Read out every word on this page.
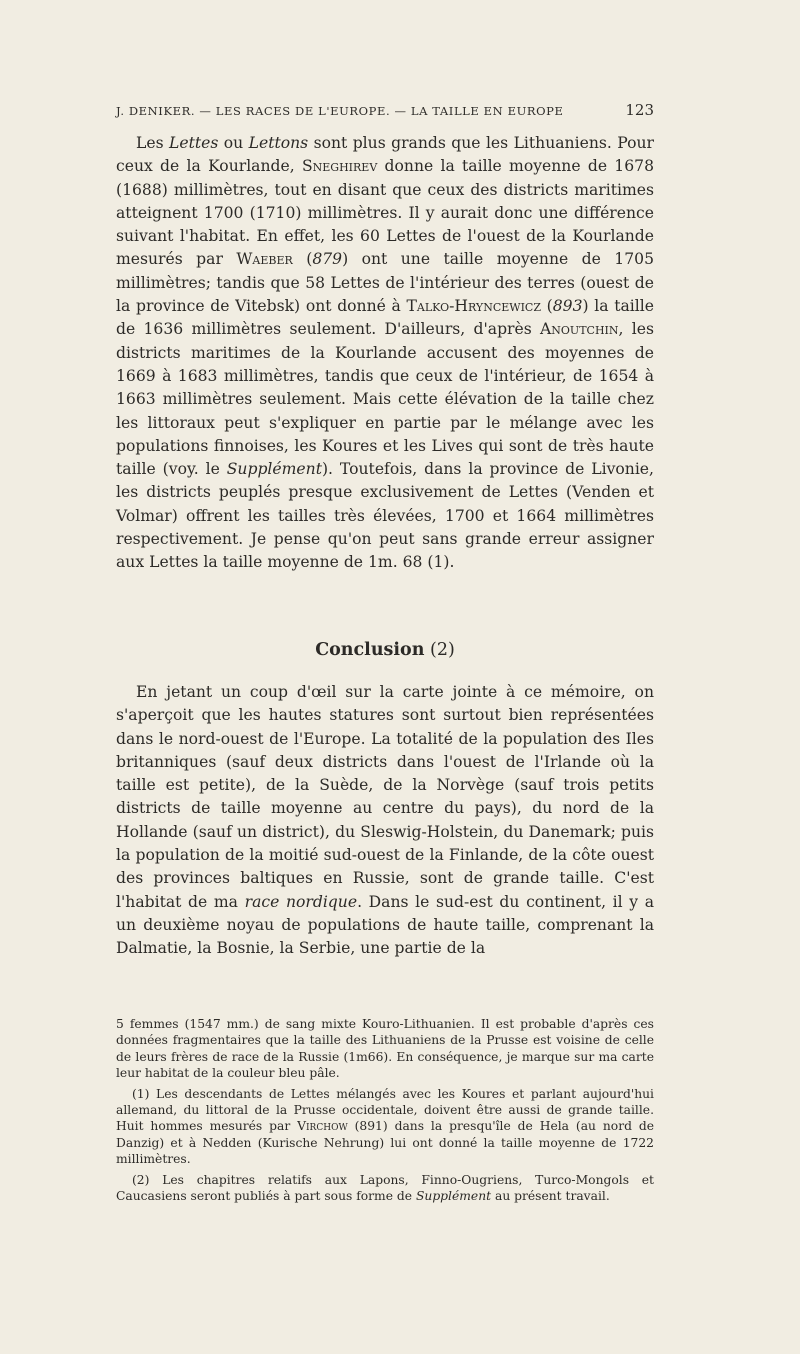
J. DENIKER. — LES RACES DE L'EUROPE. — LA TAILLE EN EUROPE	123

Les Lettes ou Lettons sont plus grands que les Lithuaniens. Pour ceux de la Kourlande, Sneghirev donne la taille moyenne de 1678 (1688) millimètres, tout en disant que ceux des districts maritimes atteignent 1700 (1710) millimètres. Il y aurait donc une différence suivant l'habitat. En effet, les 60 Lettes de l'ouest de la Kourlande mesurés par Waeber (879) ont une taille moyenne de 1705 millimètres; tandis que 58 Lettes de l'intérieur des terres (ouest de la province de Vitebsk) ont donné à Talko-Hryncewicz (893) la taille de 1636 millimètres seulement. D'ailleurs, d'après Anoutchin, les districts maritimes de la Kourlande accusent des moyennes de 1669 à 1683 millimètres, tandis que ceux de l'intérieur, de 1654 à 1663 millimètres seulement. Mais cette élévation de la taille chez les littoraux peut s'expliquer en partie par le mélange avec les populations finnoises, les Koures et les Lives qui sont de très haute taille (voy. le Supplément). Toutefois, dans la province de Livonie, les districts peuplés presque exclusivement de Lettes (Venden et Volmar) offrent les tailles très élevées, 1700 et 1664 millimètres respectivement. Je pense qu'on peut sans grande erreur assigner aux Lettes la taille moyenne de 1m. 68 (1).

Conclusion (2)

En jetant un coup d'œil sur la carte jointe à ce mémoire, on s'aperçoit que les hautes statures sont surtout bien représentées dans le nord-ouest de l'Europe. La totalité de la population des Iles britanniques (sauf deux districts dans l'ouest de l'Irlande où la taille est petite), de la Suède, de la Norvège (sauf trois petits districts de taille moyenne au centre du pays), du nord de la Hollande (sauf un district), du Sleswig-Holstein, du Danemark; puis la population de la moitié sud-ouest de la Finlande, de la côte ouest des provinces baltiques en Russie, sont de grande taille. C'est l'habitat de ma race nordique. Dans le sud-est du continent, il y a un deuxième noyau de populations de haute taille, comprenant la Dalmatie, la Bosnie, la Serbie, une partie de la

5 femmes (1547 mm.) de sang mixte Kouro-Lithuanien. Il est probable d'après ces données fragmentaires que la taille des Lithuaniens de la Prusse est voisine de celle de leurs frères de race de la Russie (1m66). En conséquence, je marque sur ma carte leur habitat de la couleur bleu pâle.

(1) Les descendants de Lettes mélangés avec les Koures et parlant aujourd'hui allemand, du littoral de la Prusse occidentale, doivent être aussi de grande taille. Huit hommes mesurés par Virchow (891) dans la presqu'île de Hela (au nord de Danzig) et à Nedden (Kurische Nehrung) lui ont donné la taille moyenne de 1722 millimètres.

(2) Les chapitres relatifs aux Lapons, Finno-Ougriens, Turco-Mongols et Caucasiens seront publiés à part sous forme de Supplément au présent travail.
